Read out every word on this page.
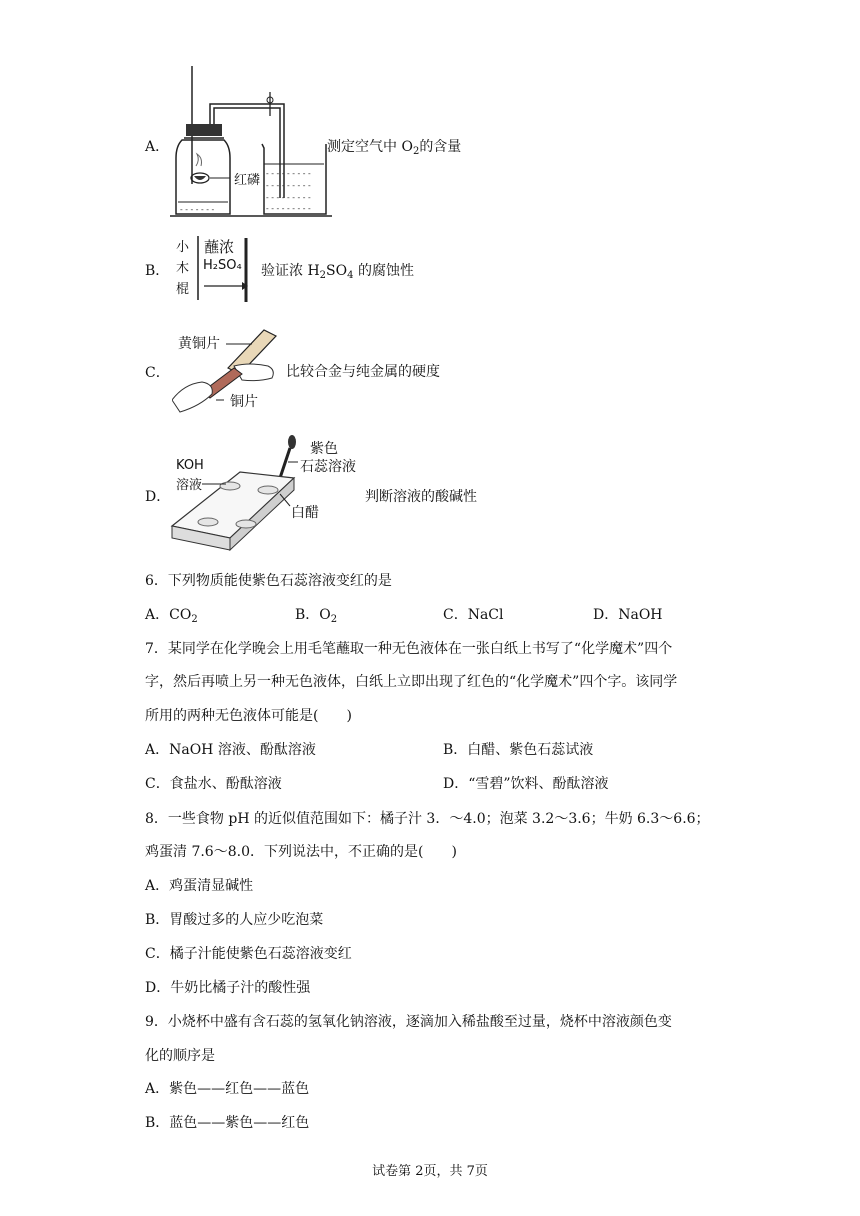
A．
- - - - - - -
- - - - - - - - -
- - - - - - - - -
- - - - - - - - -
- - - - - - - - -
红磷
测定空气中 $O_2$的含量
B．
小
木
棍
蘸浓
H₂SO₄ 验证浓 $H_2SO_4$ 的腐蚀性
C．
黄铜片
铜片
比较合金与纯金属的硬度
D．
KOH
溶液
紫色
石蕊溶液
白醋
判断溶液的酸碱性
6．下列物质能使紫色石蕊溶液变红的是
A．$CO_2$	B．$O_2$	C．NaCl	D．NaOH
7．某同学在化学晚会上用毛笔蘸取一种无色液体在一张白纸上书写了“化学魔术”四个
字，然后再喷上另一种无色液体，白纸上立即出现了红色的“化学魔术”四个字。该同学
所用的两种无色液体可能是(　　)
A．NaOH 溶液、酚酞溶液	B．白醋、紫色石蕊试液
C．食盐水、酚酞溶液	D．“雪碧”饮料、酚酞溶液
8．一些食物 pH 的近似值范围如下：橘子汁 3．～4.0；泡菜 3.2～3.6；牛奶 6.3～6.6；
鸡蛋清 7.6～8.0．下列说法中，不正确的是(　　)
A．鸡蛋清显碱性
B．胃酸过多的人应少吃泡菜
C．橘子汁能使紫色石蕊溶液变红
D．牛奶比橘子汁的酸性强
9．小烧杯中盛有含石蕊的氢氧化钠溶液，逐滴加入稀盐酸至过量，烧杯中溶液颜色变
化的顺序是
A．紫色——红色——蓝色
B．蓝色——紫色——红色
试卷第 2页，共 7页
